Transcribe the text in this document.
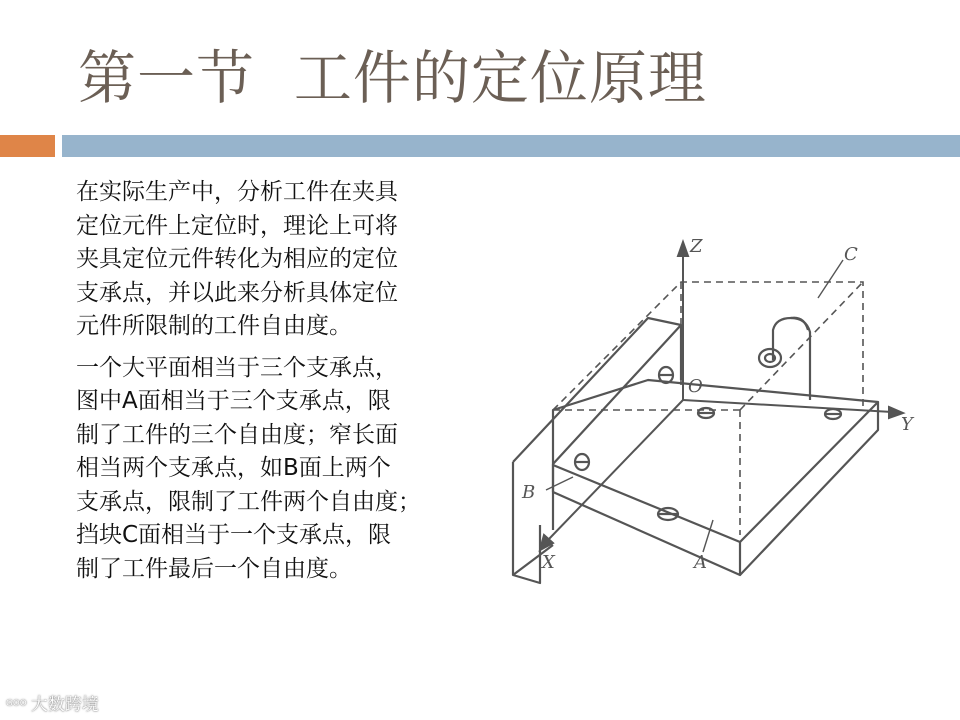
第一节  工件的定位原理
在实际生产中，分析工件在夹具
定位元件上定位时，理论上可将
夹具定位元件转化为相应的定位
支承点，并以此来分析具体定位
元件所限制的工件自由度。
一个大平面相当于三个支承点，
图中A面相当于三个支承点，限
制了工件的三个自由度；窄长面
相当两个支承点，如B面上两个
支承点，限制了工件两个自由度；
挡块C面相当于一个支承点，限
制了工件最后一个自由度。
Z
Y
X
O
C
B
A
ᴳᴼᴼ 大数跨境
